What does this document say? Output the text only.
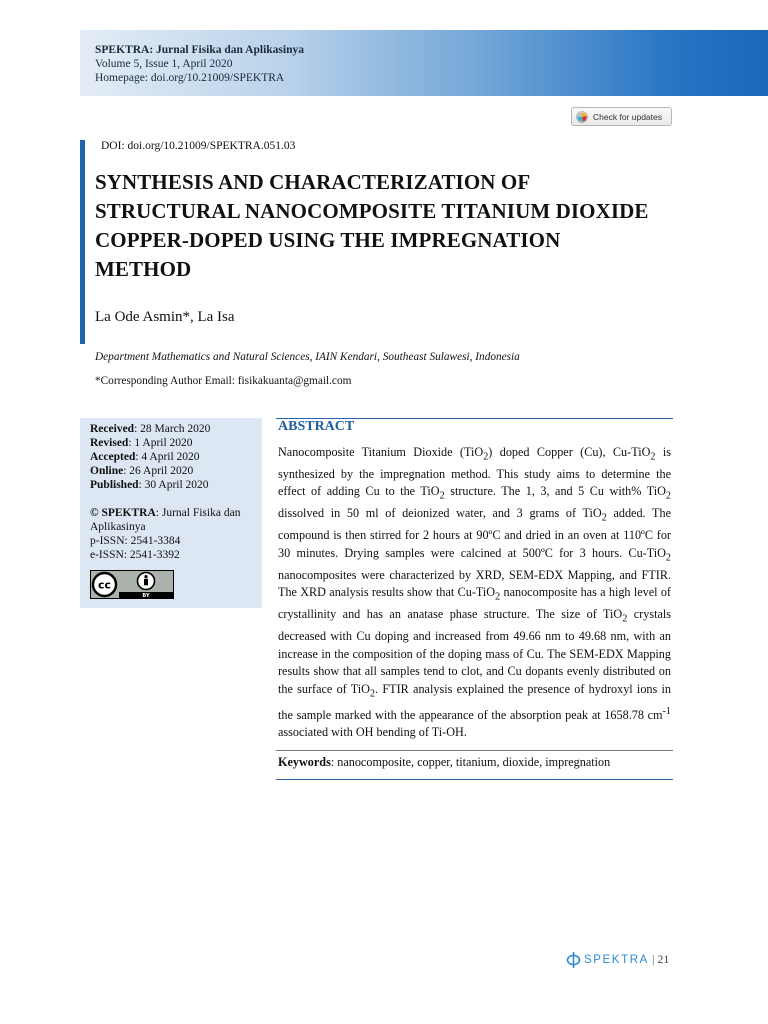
SPEKTRA: Jurnal Fisika dan Aplikasinya
Volume 5, Issue 1, April 2020
Homepage: doi.org/10.21009/SPEKTRA
Check for updates
DOI: doi.org/10.21009/SPEKTRA.051.03
SYNTHESIS AND CHARACTERIZATION OF STRUCTURAL NANOCOMPOSITE TITANIUM DIOXIDE COPPER-DOPED USING THE IMPREGNATION METHOD
La Ode Asmin*, La Isa
Department Mathematics and Natural Sciences, IAIN Kendari, Southeast Sulawesi, Indonesia
*Corresponding Author Email: fisikakuanta@gmail.com
Received: 28 March 2020
Revised: 1 April 2020
Accepted: 4 April 2020
Online: 26 April 2020
Published: 30 April 2020
© SPEKTRA: Jurnal Fisika dan Aplikasinya
p-ISSN: 2541-3384
e-ISSN: 2541-3392
cc
BY
ABSTRACT

Nanocomposite Titanium Dioxide (TiO$_2$) doped Copper (Cu), Cu-TiO$_2$ is synthesized by the impregnation method. This study aims to determine the effect of adding Cu to the TiO$_2$ structure. The 1, 3, and 5 Cu with% TiO$_2$ dissolved in 50 ml of deionized water, and 3 grams of TiO$_2$ added. The compound is then stirred for 2 hours at 90ºC and dried in an oven at 110ºC for 30 minutes. Drying samples were calcined at 500ºC for 3 hours. Cu-TiO$_2$ nanocomposites were characterized by XRD, SEM-EDX Mapping, and FTIR. The XRD analysis results show that Cu-TiO$_2$ nanocomposite has a high level of crystallinity and has an anatase phase structure. The size of TiO$_2$ crystals decreased with Cu doping and increased from 49.66 nm to 49.68 nm, with an increase in the composition of the doping mass of Cu. The SEM-EDX Mapping results show that all samples tend to clot, and Cu dopants evenly distributed on the surface of TiO$_2$. FTIR analysis explained the presence of hydroxyl ions in the sample marked with the appearance of the absorption peak at 1658.78 $cm^{-1}$ associated with OH bending of Ti-OH.

Keywords: nanocomposite, copper, titanium, dioxide, impregnation
SPEKTRA | 21
